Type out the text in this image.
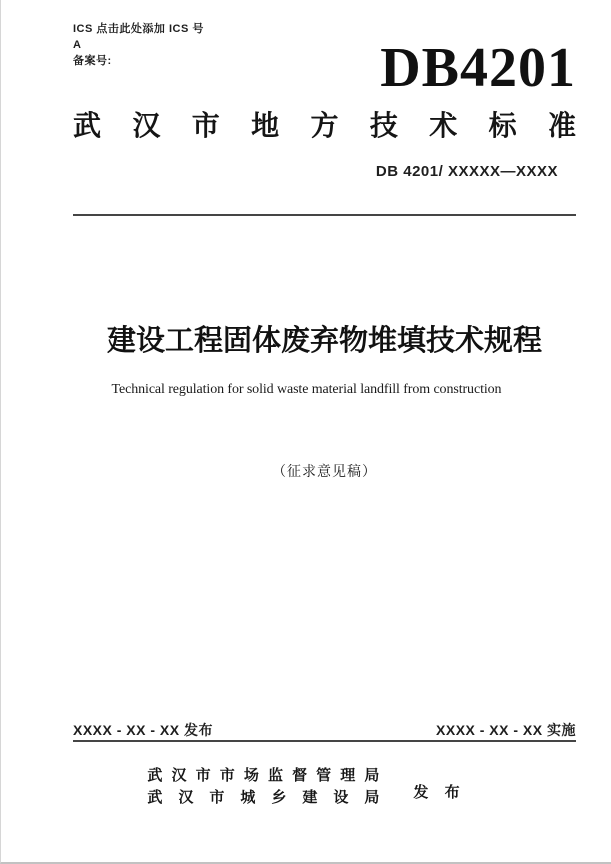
ICS 点击此处添加 ICS 号
A
备案号:	DB4201
武 汉 市 地 方 技 术 标 准
DB 4201/ XXXXX—XXXX
建设工程固体废弃物堆填技术规程
Technical regulation for solid waste material landfill from construction
（征求意见稿）
XXXX - XX - XX 发布	XXXX - XX - XX 实施
武 汉 市 市 场 监 督 管 理 局
武 汉 市 城 乡 建 设 局 发 布
